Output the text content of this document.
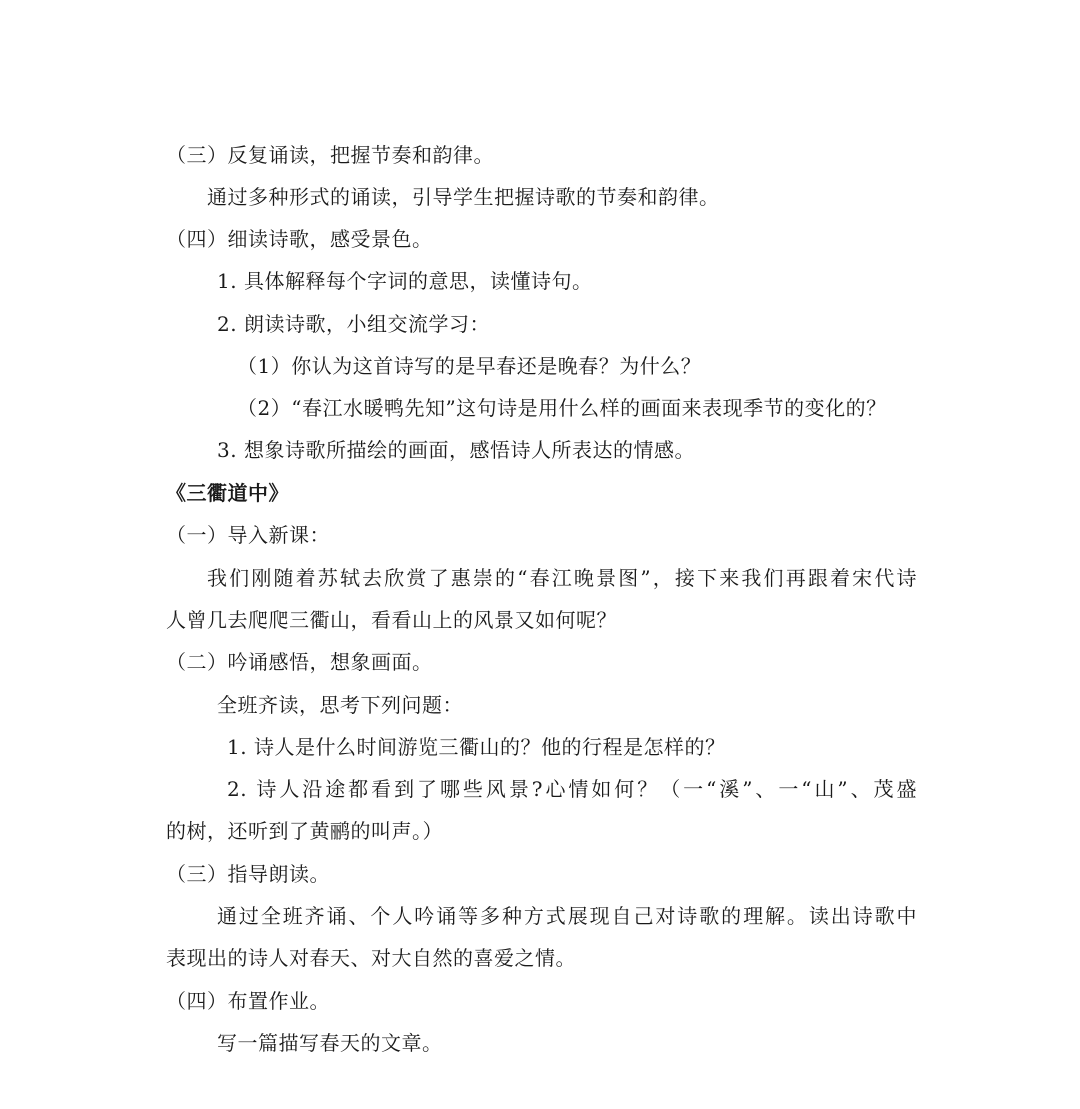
（三）反复诵读，把握节奏和韵律。
通过多种形式的诵读，引导学生把握诗歌的节奏和韵律。
（四）细读诗歌，感受景色。
1. 具体解释每个字词的意思，读懂诗句。
2. 朗读诗歌，小组交流学习：
（1）你认为这首诗写的是早春还是晚春？为什么？
（2）“春江水暖鸭先知”这句诗是用什么样的画面来表现季节的变化的？
3. 想象诗歌所描绘的画面，感悟诗人所表达的情感。
《三衢道中》
（一）导入新课：
我们刚随着苏轼去欣赏了惠崇的“春江晚景图”，接下来我们再跟着宋代诗
人曾几去爬爬三衢山，看看山上的风景又如何呢？
（二）吟诵感悟，想象画面。
全班齐读，思考下列问题：
1. 诗人是什么时间游览三衢山的？他的行程是怎样的？
2. 诗人沿途都看到了哪些风景?心情如何？（一“溪”、一“山”、茂盛
的树，还听到了黄鹂的叫声。）
（三）指导朗读。
通过全班齐诵、个人吟诵等多种方式展现自己对诗歌的理解。读出诗歌中
表现出的诗人对春天、对大自然的喜爱之情。
（四）布置作业。
写一篇描写春天的文章。
